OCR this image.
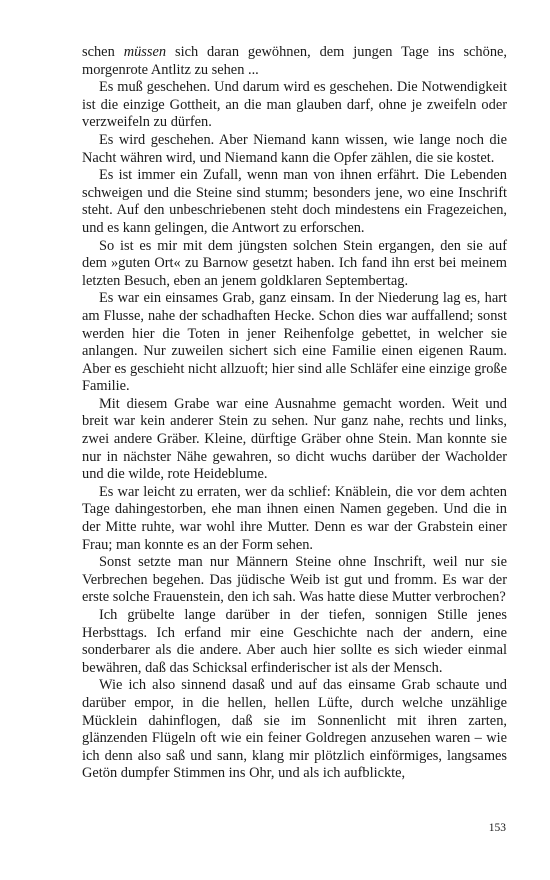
schen müssen sich daran gewöhnen, dem jungen Tage ins schöne, morgenrote Antlitz zu sehen ...

Es muß geschehen. Und darum wird es geschehen. Die Notwendigkeit ist die einzige Gottheit, an die man glauben darf, ohne je zweifeln oder verzweifeln zu dürfen.

Es wird geschehen. Aber Niemand kann wissen, wie lange noch die Nacht währen wird, und Niemand kann die Opfer zählen, die sie kostet.

Es ist immer ein Zufall, wenn man von ihnen erfährt. Die Lebenden schweigen und die Steine sind stumm; besonders jene, wo eine Inschrift steht. Auf den unbeschriebenen steht doch mindestens ein Fragezeichen, und es kann gelingen, die Antwort zu erforschen.

So ist es mir mit dem jüngsten solchen Stein ergangen, den sie auf dem »guten Ort« zu Barnow gesetzt haben. Ich fand ihn erst bei meinem letzten Besuch, eben an jenem goldklaren Septembertag.

Es war ein einsames Grab, ganz einsam. In der Niederung lag es, hart am Flusse, nahe der schadhaften Hecke. Schon dies war auffallend; sonst werden hier die Toten in jener Reihenfolge gebettet, in welcher sie anlangen. Nur zuweilen sichert sich eine Familie einen eigenen Raum. Aber es geschieht nicht allzuoft; hier sind alle Schläfer eine einzige große Familie.

Mit diesem Grabe war eine Ausnahme gemacht worden. Weit und breit war kein anderer Stein zu sehen. Nur ganz nahe, rechts und links, zwei andere Gräber. Kleine, dürftige Gräber ohne Stein. Man konnte sie nur in nächster Nähe gewahren, so dicht wuchs darüber der Wacholder und die wilde, rote Heideblume.

Es war leicht zu erraten, wer da schlief: Knäblein, die vor dem achten Tage dahingestorben, ehe man ihnen einen Namen gegeben. Und die in der Mitte ruhte, war wohl ihre Mutter. Denn es war der Grabstein einer Frau; man konnte es an der Form sehen.

Sonst setzte man nur Männern Steine ohne Inschrift, weil nur sie Verbrechen begehen. Das jüdische Weib ist gut und fromm. Es war der erste solche Frauenstein, den ich sah. Was hatte diese Mutter verbrochen?

Ich grübelte lange darüber in der tiefen, sonnigen Stille jenes Herbsttags. Ich erfand mir eine Geschichte nach der andern, eine sonderbarer als die andere. Aber auch hier sollte es sich wieder einmal bewähren, daß das Schicksal erfinderischer ist als der Mensch.

Wie ich also sinnend dasaß und auf das einsame Grab schaute und darüber empor, in die hellen, hellen Lüfte, durch welche unzählige Mücklein dahinflogen, daß sie im Sonnenlicht mit ihren zarten, glänzenden Flügeln oft wie ein feiner Goldregen anzusehen waren – wie ich denn also saß und sann, klang mir plötzlich einförmiges, langsames Getön dumpfer Stimmen ins Ohr, und als ich aufblickte,

153
